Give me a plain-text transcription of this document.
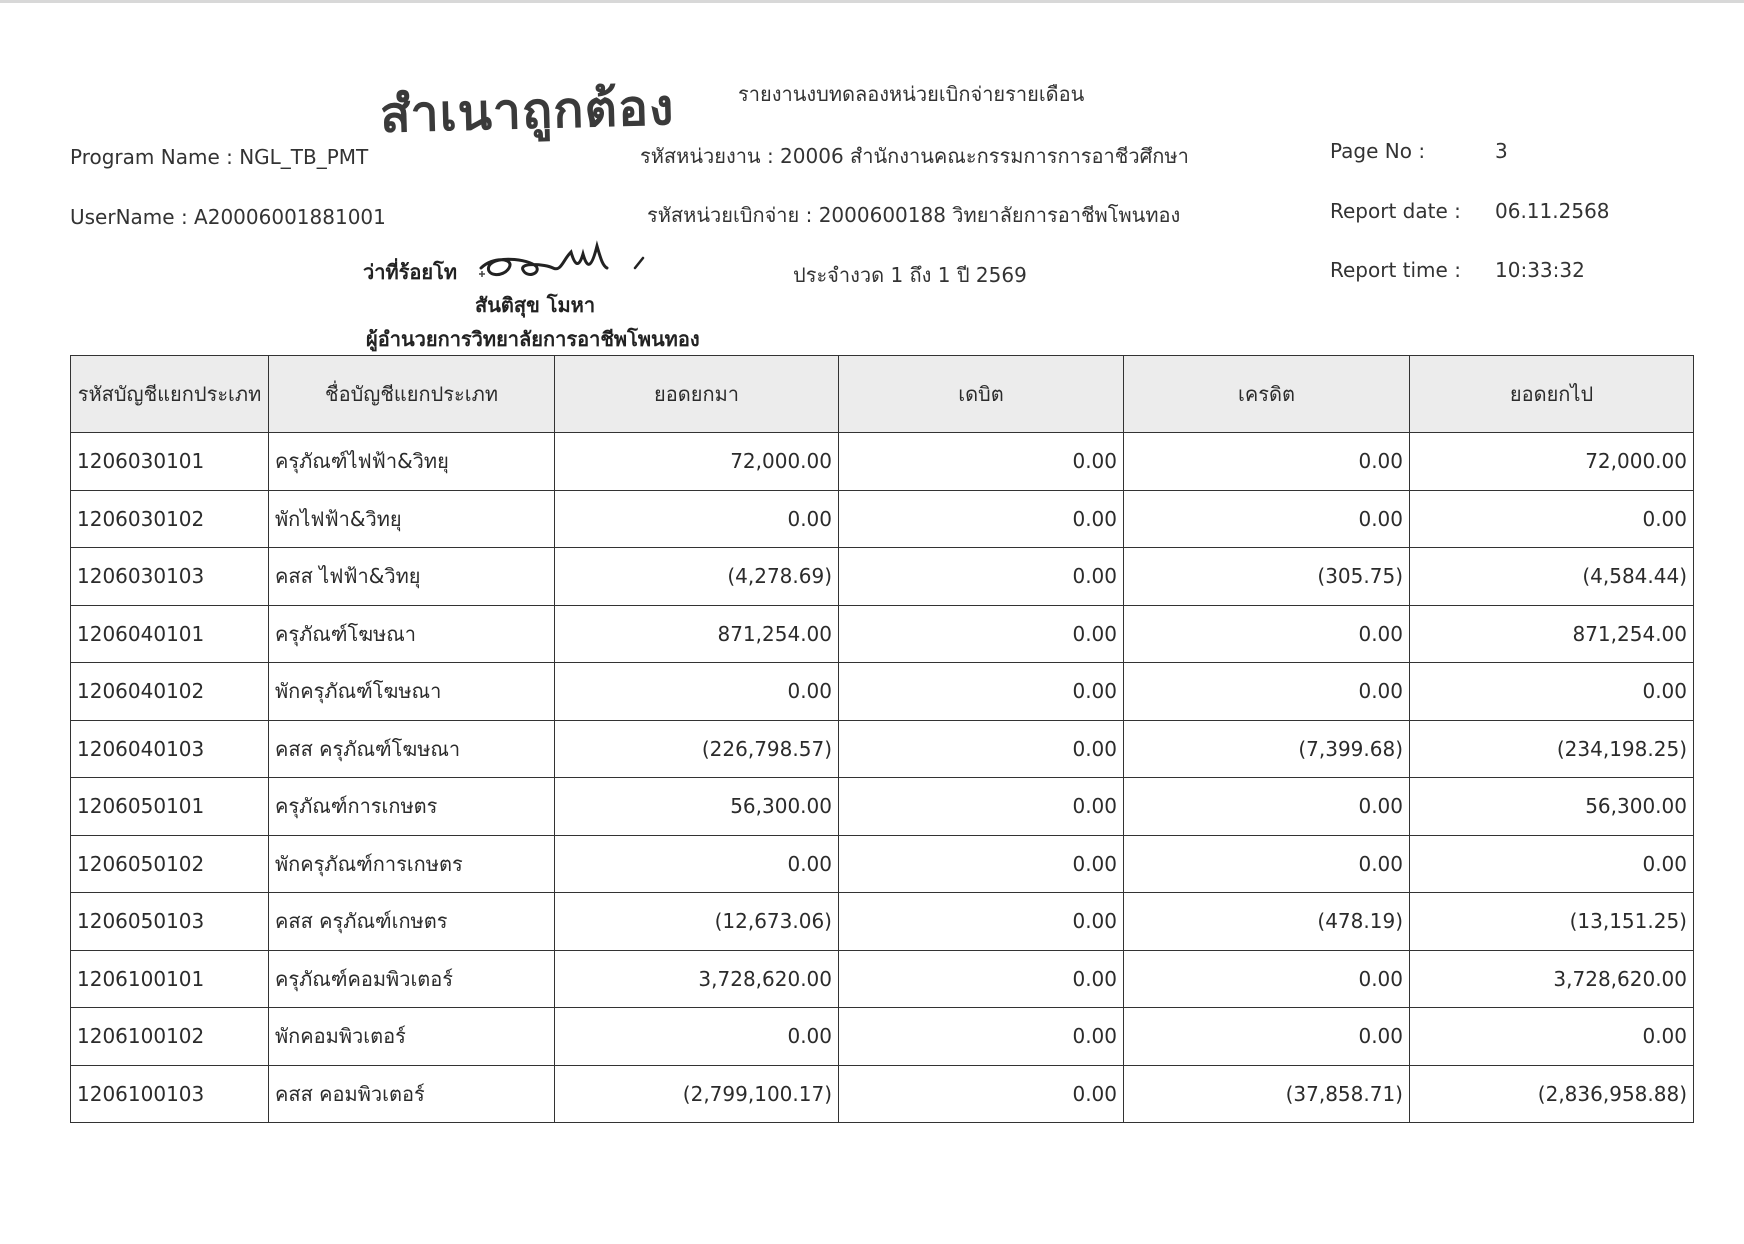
สำเนาถูกต้อง	รายงานงบทดลองหน่วยเบิกจ่ายรายเดือน
Program Name : NGL_TB_PMT	รหัสหน่วยงาน : 20006 สำนักงานคณะกรรมการการอาชีวศึกษา	Page No :	3
UserName : A20006001881001	รหัสหน่วยเบิกจ่าย : 2000600188 วิทยาลัยการอาชีพโพนทอง	Report date : 06.11.2568
ว่าที่ร้อยโท	ประจำงวด 1 ถึง 1 ปี 2569	Report time : 10:33:32
สันติสุข โมหา
ผู้อำนวยการวิทยาลัยการอาชีพโพนทอง
รหัสบัญชีแยกประเภท	ชื่อบัญชีแยกประเภท	ยอดยกมา	เดบิต	เครดิต	ยอดยกไป
1206030101	ครุภัณฑ์ไฟฟ้า&วิทยุ	72,000.00	0.00	0.00	72,000.00
1206030102	พักไฟฟ้า&วิทยุ	0.00	0.00	0.00	0.00
1206030103	คสส ไฟฟ้า&วิทยุ	(4,278.69)	0.00	(305.75)	(4,584.44)
1206040101	ครุภัณฑ์โฆษณา	871,254.00	0.00	0.00	871,254.00
1206040102	พักครุภัณฑ์โฆษณา	0.00	0.00	0.00	0.00
1206040103	คสส ครุภัณฑ์โฆษณา	(226,798.57)	0.00	(7,399.68)	(234,198.25)
1206050101	ครุภัณฑ์การเกษตร	56,300.00	0.00	0.00	56,300.00
1206050102	พักครุภัณฑ์การเกษตร	0.00	0.00	0.00	0.00
1206050103	คสส ครุภัณฑ์เกษตร	(12,673.06)	0.00	(478.19)	(13,151.25)
1206100101	ครุภัณฑ์คอมพิวเตอร์	3,728,620.00	0.00	0.00	3,728,620.00
1206100102	พักคอมพิวเตอร์	0.00	0.00	0.00	0.00
1206100103	คสส คอมพิวเตอร์	(2,799,100.17)	0.00	(37,858.71)	(2,836,958.88)
